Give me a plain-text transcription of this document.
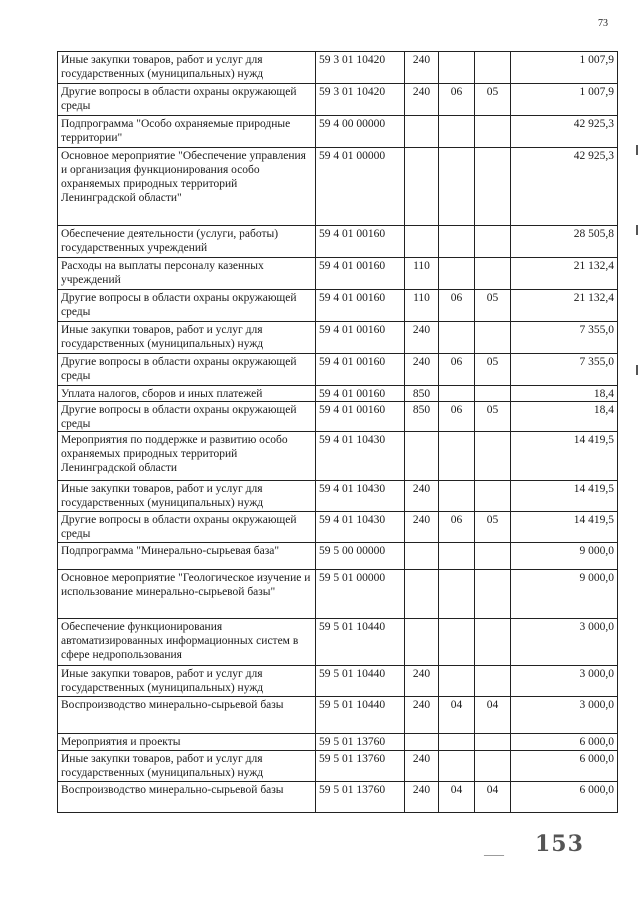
73
Иные закупки товаров, работ и услуг для государственных (муниципальных) нужд	59 3 01 10420	240			1 007,9
Другие вопросы в области охраны окружающей среды	59 3 01 10420	240	06	05	1 007,9
Подпрограмма "Особо охраняемые природные территории"	59 4 00 00000				42 925,3
Основное мероприятие "Обеспечение управления и организация функционирования особо охраняемых природных территорий Ленинградской области"	59 4 01 00000				42 925,3
Обеспечение деятельности (услуги, работы) государственных учреждений	59 4 01 00160				28 505,8
Расходы на выплаты персоналу казенных учреждений	59 4 01 00160	110			21 132,4
Другие вопросы в области охраны окружающей среды	59 4 01 00160	110	06	05	21 132,4
Иные закупки товаров, работ и услуг для государственных (муниципальных) нужд	59 4 01 00160	240			7 355,0
Другие вопросы в области охраны окружающей среды	59 4 01 00160	240	06	05	7 355,0
Уплата налогов, сборов и иных платежей	59 4 01 00160	850			18,4
Другие вопросы в области охраны окружающей среды	59 4 01 00160	850	06	05	18,4
Мероприятия по поддержке и развитию особо охраняемых природных территорий Ленинградской области	59 4 01 10430				14 419,5
Иные закупки товаров, работ и услуг для государственных (муниципальных) нужд	59 4 01 10430	240			14 419,5
Другие вопросы в области охраны окружающей среды	59 4 01 10430	240	06	05	14 419,5
Подпрограмма "Минерально-сырьевая база"	59 5 00 00000				9 000,0
Основное мероприятие "Геологическое изучение и использование минерально-сырьевой базы"	59 5 01 00000				9 000,0
Обеспечение функционирования автоматизированных информационных систем в сфере недропользования	59 5 01 10440				3 000,0
Иные закупки товаров, работ и услуг для государственных (муниципальных) нужд	59 5 01 10440	240			3 000,0
Воспроизводство минерально-сырьевой базы	59 5 01 10440	240	04	04	3 000,0
Мероприятия и проекты	59 5 01 13760				6 000,0
Иные закупки товаров, работ и услуг для государственных (муниципальных) нужд	59 5 01 13760	240			6 000,0
Воспроизводство минерально-сырьевой базы	59 5 01 13760	240	04	04	6 000,0
—— 153
